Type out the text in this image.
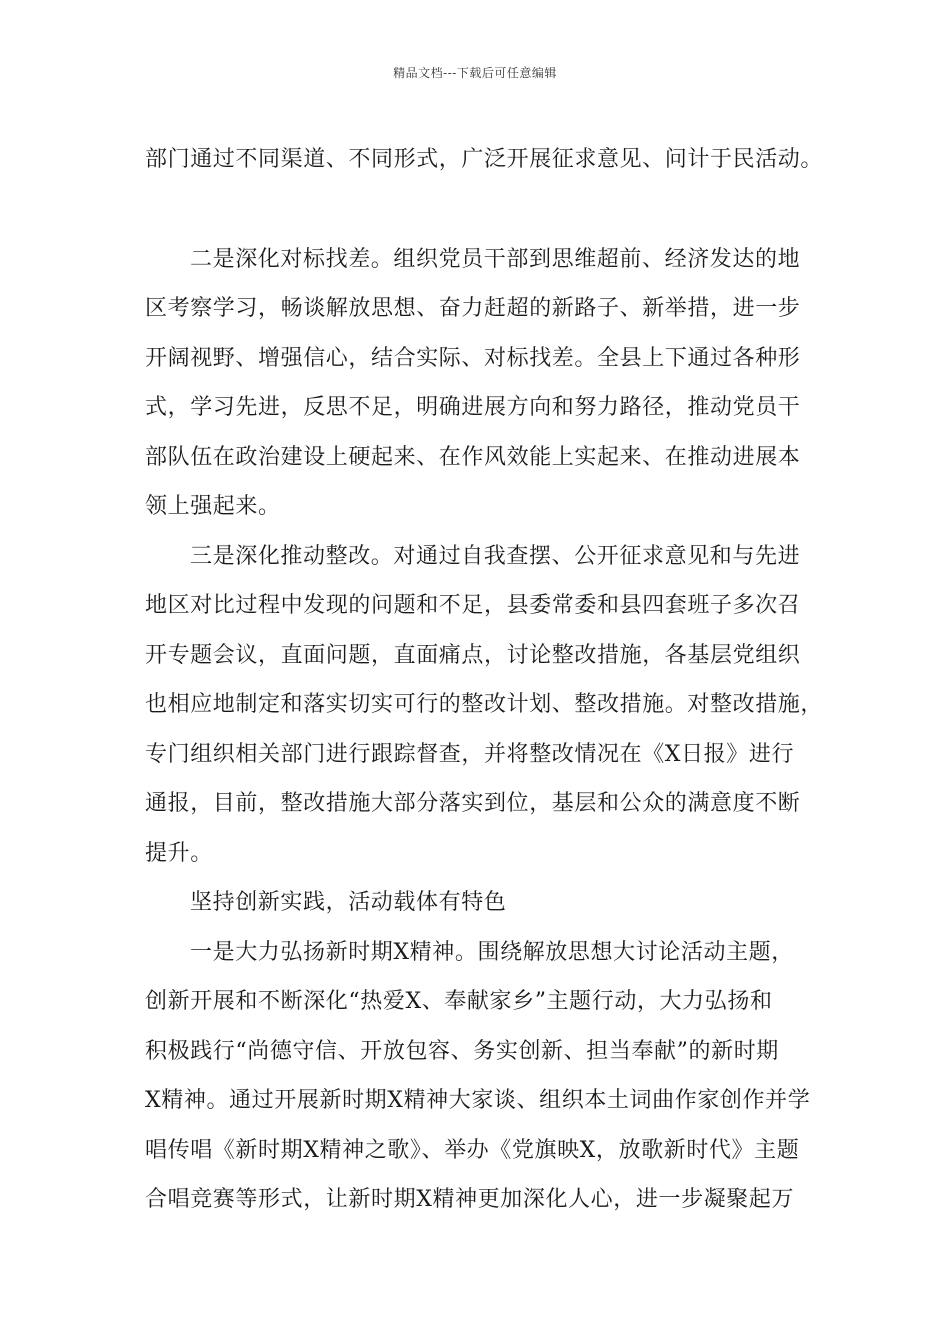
精品文档---下载后可任意编辑
部门通过不同渠道、不同形式，广泛开展征求意见、问计于民活动。
二是深化对标找差。组织党员干部到思维超前、经济发达的地
区考察学习，畅谈解放思想、奋力赶超的新路子、新举措，进一步
开阔视野、增强信心，结合实际、对标找差。全县上下通过各种形
式，学习先进，反思不足，明确进展方向和努力路径，推动党员干
部队伍在政治建设上硬起来、在作风效能上实起来、在推动进展本
领上强起来。
三是深化推动整改。对通过自我查摆、公开征求意见和与先进
地区对比过程中发现的问题和不足，县委常委和县四套班子多次召
开专题会议，直面问题，直面痛点，讨论整改措施，各基层党组织
也相应地制定和落实切实可行的整改计划、整改措施。对整改措施，
专门组织相关部门进行跟踪督查，并将整改情况在《X日报》进行
通报，目前，整改措施大部分落实到位，基层和公众的满意度不断
提升。
坚持创新实践，活动载体有特色
一是大力弘扬新时期X精神。围绕解放思想大讨论活动主题，
创新开展和不断深化“热爱X、奉献家乡”主题行动，大力弘扬和
积极践行“尚德守信、开放包容、务实创新、担当奉献”的新时期
X精神。通过开展新时期X精神大家谈、组织本土词曲作家创作并学
唱传唱《新时期X精神之歌》、举办《党旗映X，放歌新时代》主题
合唱竞赛等形式，让新时期X精神更加深化人心，进一步凝聚起万
